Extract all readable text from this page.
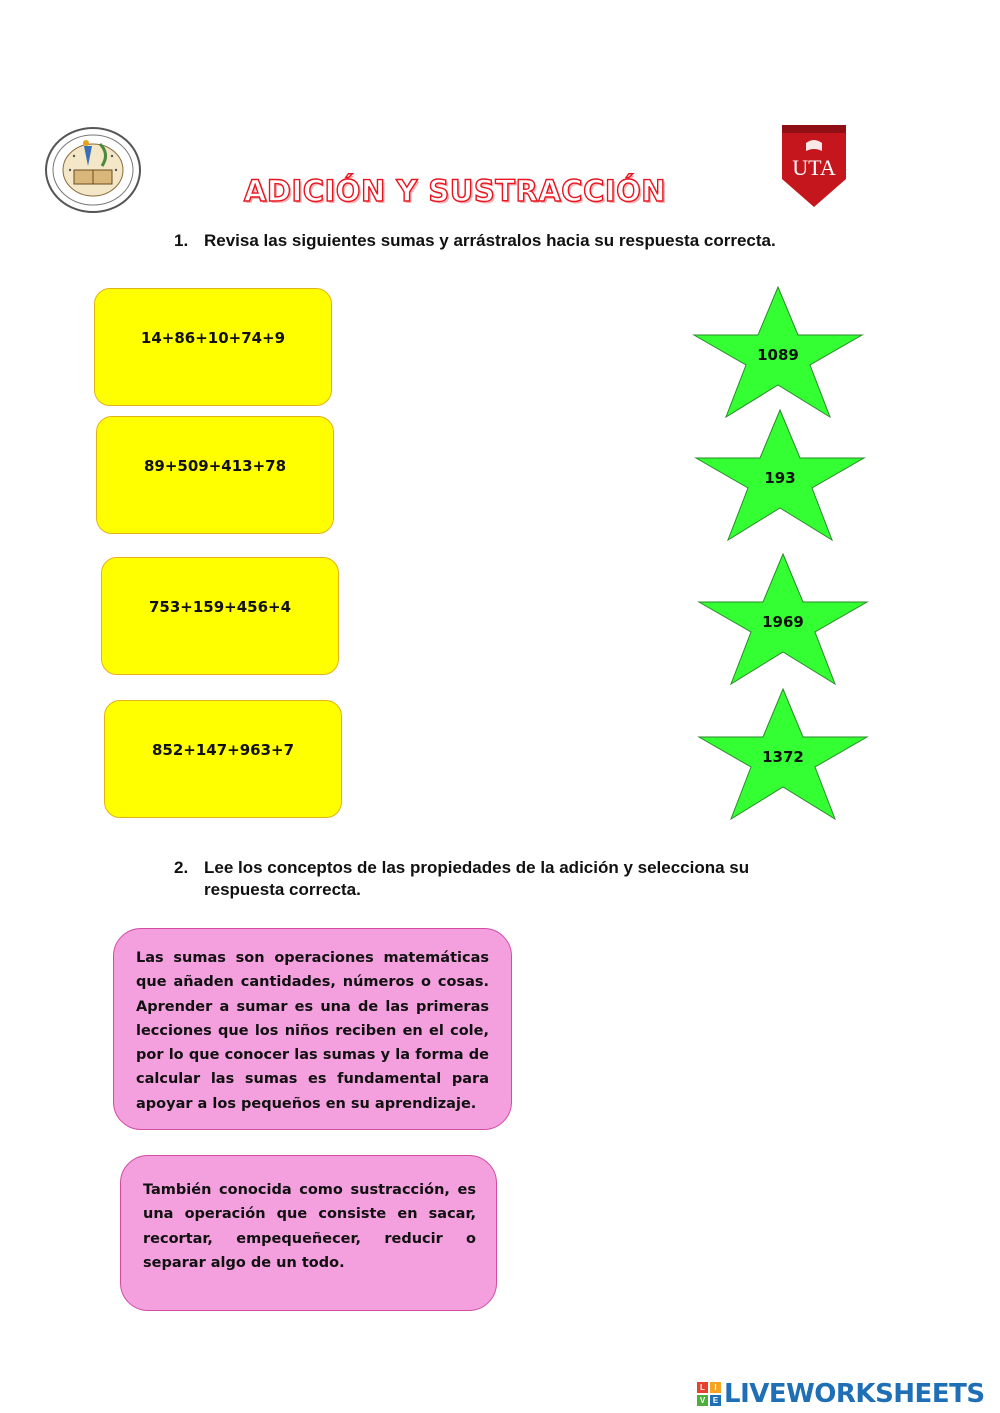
UTA
ADICIÓN Y SUSTRACCIÓN
1. Revisa las siguientes sumas y arrástralos hacia su respuesta correcta.
14+86+10+74+9
89+509+413+78
753+159+456+4
852+147+963+7
1089
193
1969
1372
2. Lee los conceptos de las propiedades de la adición y selecciona su
respuesta correcta.

Las sumas son operaciones matemáticas que añaden cantidades, números o cosas. Aprender a sumar es una de las primeras lecciones que los niños reciben en el cole, por lo que conocer las sumas y la forma de calcular las sumas es fundamental para apoyar a los pequeños en su aprendizaje.

También conocida como sustracción, es una operación que consiste en sacar, recortar, empequeñecer, reducir o separar algo de un todo.

L	I
V E LIVEWORKSHEETS
